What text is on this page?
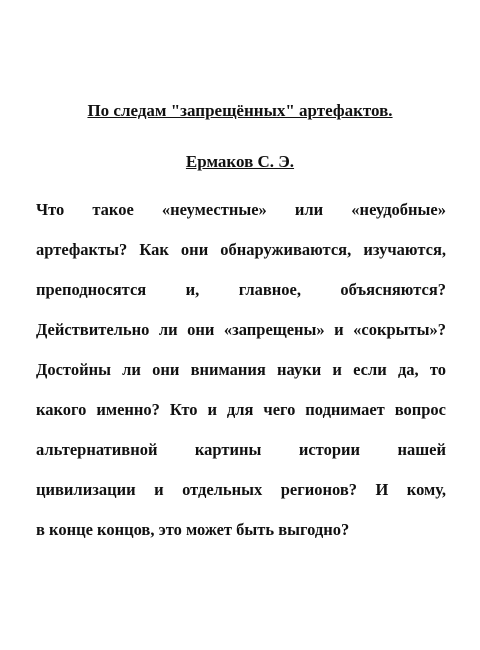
По следам "запрещённых" артефактов.

Ермаков С. Э.

Что такое «неуместные» или «неудобные»
артефакты? Как они обнаруживаются, изучаются,
преподносятся и, главное, объясняются?
Действительно ли они «запрещены» и «сокрыты»?
Достойны ли они внимания науки и если да, то
какого именно? Кто и для чего поднимает вопрос
альтернативной картины истории нашей
цивилизации и отдельных регионов? И кому,
в конце концов, это может быть выгодно?
